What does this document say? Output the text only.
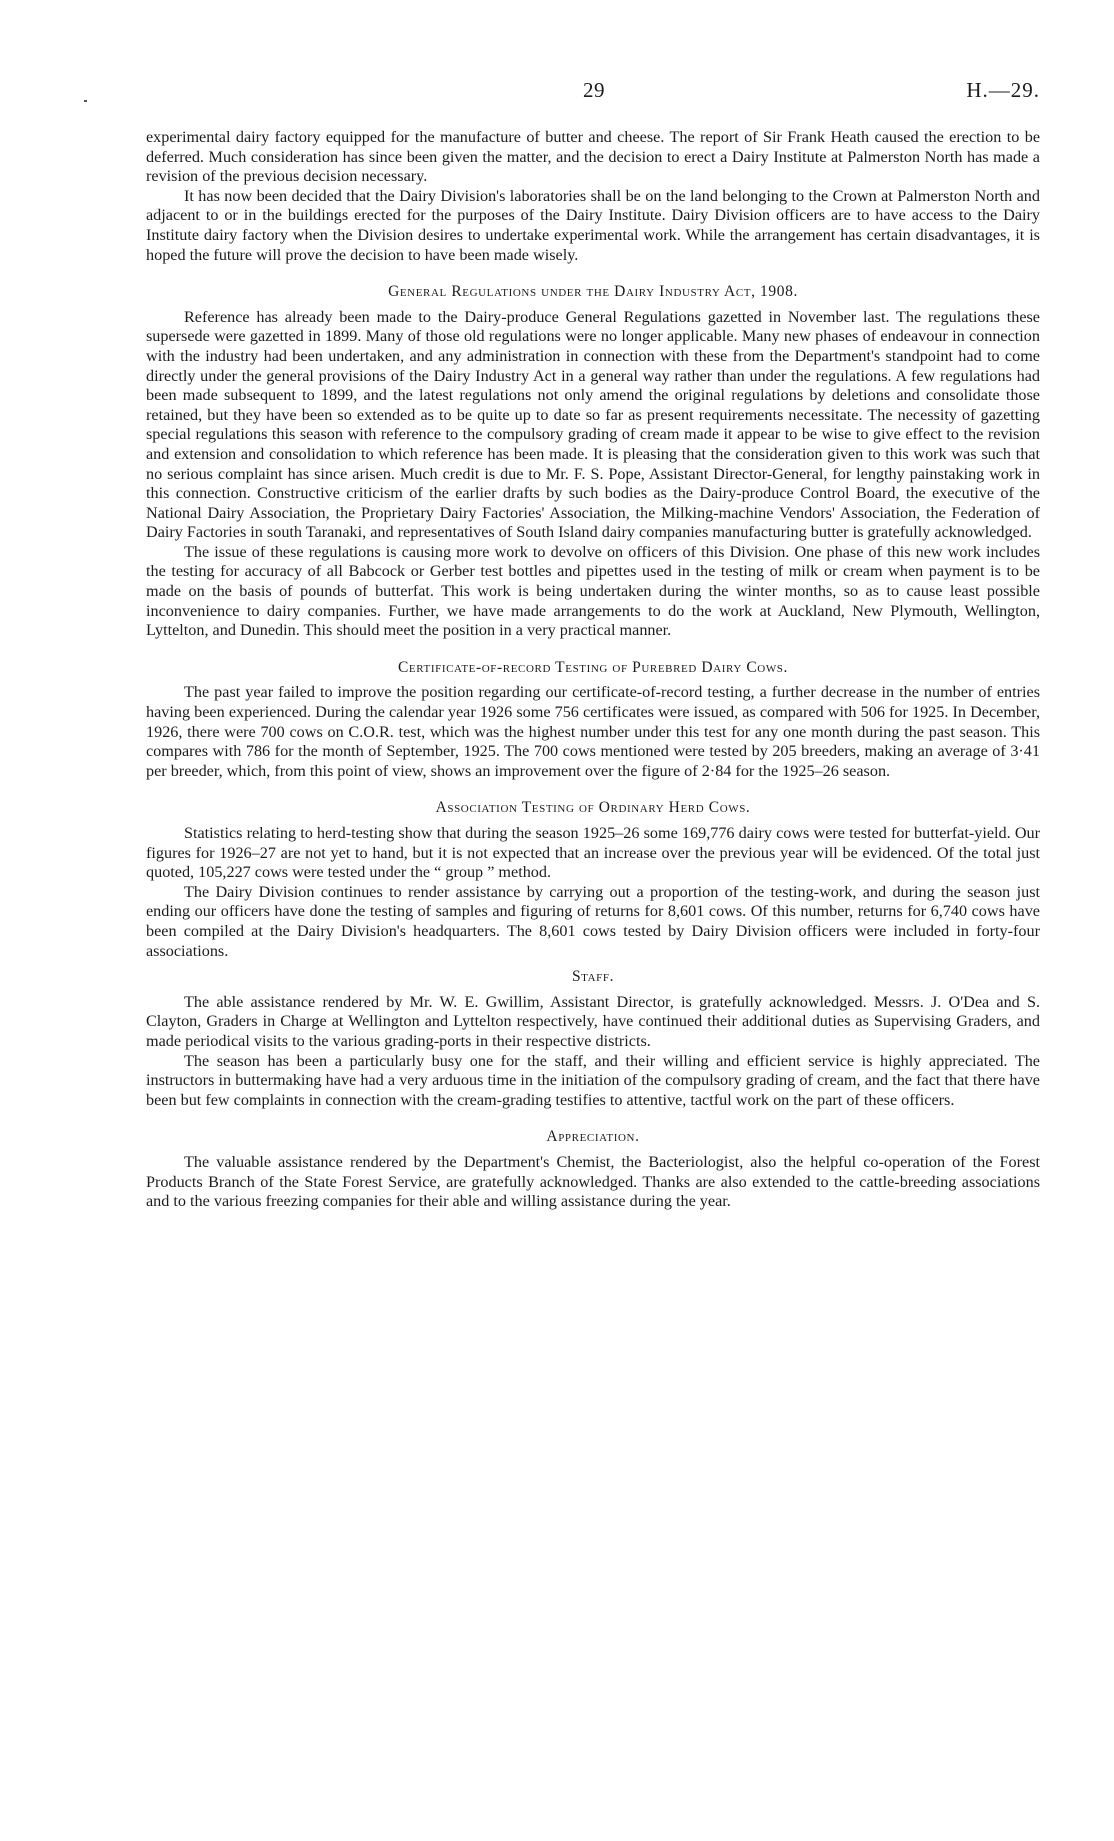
29	H.—29.

experimental dairy factory equipped for the manufacture of butter and cheese. The report of Sir Frank Heath caused the erection to be deferred. Much consideration has since been given the matter, and the decision to erect a Dairy Institute at Palmerston North has made a revision of the previous decision necessary.

It has now been decided that the Dairy Division's laboratories shall be on the land belonging to the Crown at Palmerston North and adjacent to or in the buildings erected for the purposes of the Dairy Institute. Dairy Division officers are to have access to the Dairy Institute dairy factory when the Division desires to undertake experimental work. While the arrangement has certain disadvantages, it is hoped the future will prove the decision to have been made wisely.

General Regulations under the Dairy Industry Act, 1908.

Reference has already been made to the Dairy-produce General Regulations gazetted in November last. The regulations these supersede were gazetted in 1899. Many of those old regulations were no longer applicable. Many new phases of endeavour in connection with the industry had been undertaken, and any administration in connection with these from the Department's standpoint had to come directly under the general provisions of the Dairy Industry Act in a general way rather than under the regulations. A few regulations had been made subsequent to 1899, and the latest regulations not only amend the original regulations by deletions and consolidate those retained, but they have been so extended as to be quite up to date so far as present requirements necessitate. The necessity of gazetting special regulations this season with reference to the compulsory grading of cream made it appear to be wise to give effect to the revision and extension and consolidation to which reference has been made. It is pleasing that the consideration given to this work was such that no serious complaint has since arisen. Much credit is due to Mr. F. S. Pope, Assistant Director-General, for lengthy painstaking work in this connection. Constructive criticism of the earlier drafts by such bodies as the Dairy-produce Control Board, the executive of the National Dairy Association, the Proprietary Dairy Factories' Association, the Milking-machine Vendors' Association, the Federation of Dairy Factories in south Taranaki, and representatives of South Island dairy companies manufacturing butter is gratefully acknowledged.

The issue of these regulations is causing more work to devolve on officers of this Division. One phase of this new work includes the testing for accuracy of all Babcock or Gerber test bottles and pipettes used in the testing of milk or cream when payment is to be made on the basis of pounds of butterfat. This work is being undertaken during the winter months, so as to cause least possible inconvenience to dairy companies. Further, we have made arrangements to do the work at Auckland, New Plymouth, Wellington, Lyttelton, and Dunedin. This should meet the position in a very practical manner.

Certificate-of-record Testing of Purebred Dairy Cows.

The past year failed to improve the position regarding our certificate-of-record testing, a further decrease in the number of entries having been experienced. During the calendar year 1926 some 756 certificates were issued, as compared with 506 for 1925. In December, 1926, there were 700 cows on C.O.R. test, which was the highest number under this test for any one month during the past season. This compares with 786 for the month of September, 1925. The 700 cows mentioned were tested by 205 breeders, making an average of 3·41 per breeder, which, from this point of view, shows an improvement over the figure of 2·84 for the 1925–26 season.

Association Testing of Ordinary Herd Cows.

Statistics relating to herd-testing show that during the season 1925–26 some 169,776 dairy cows were tested for butterfat-yield. Our figures for 1926–27 are not yet to hand, but it is not expected that an increase over the previous year will be evidenced. Of the total just quoted, 105,227 cows were tested under the “ group ” method.

The Dairy Division continues to render assistance by carrying out a proportion of the testing-work, and during the season just ending our officers have done the testing of samples and figuring of returns for 8,601 cows. Of this number, returns for 6,740 cows have been compiled at the Dairy Division's headquarters. The 8,601 cows tested by Dairy Division officers were included in forty-four associations.

Staff.

The able assistance rendered by Mr. W. E. Gwillim, Assistant Director, is gratefully acknowledged. Messrs. J. O'Dea and S. Clayton, Graders in Charge at Wellington and Lyttelton respectively, have continued their additional duties as Supervising Graders, and made periodical visits to the various grading-ports in their respective districts.

The season has been a particularly busy one for the staff, and their willing and efficient service is highly appreciated. The instructors in buttermaking have had a very arduous time in the initiation of the compulsory grading of cream, and the fact that there have been but few complaints in connection with the cream-grading testifies to attentive, tactful work on the part of these officers.

Appreciation.

The valuable assistance rendered by the Department's Chemist, the Bacteriologist, also the helpful co-operation of the Forest Products Branch of the State Forest Service, are gratefully acknowledged. Thanks are also extended to the cattle-breeding associations and to the various freezing companies for their able and willing assistance during the year.
